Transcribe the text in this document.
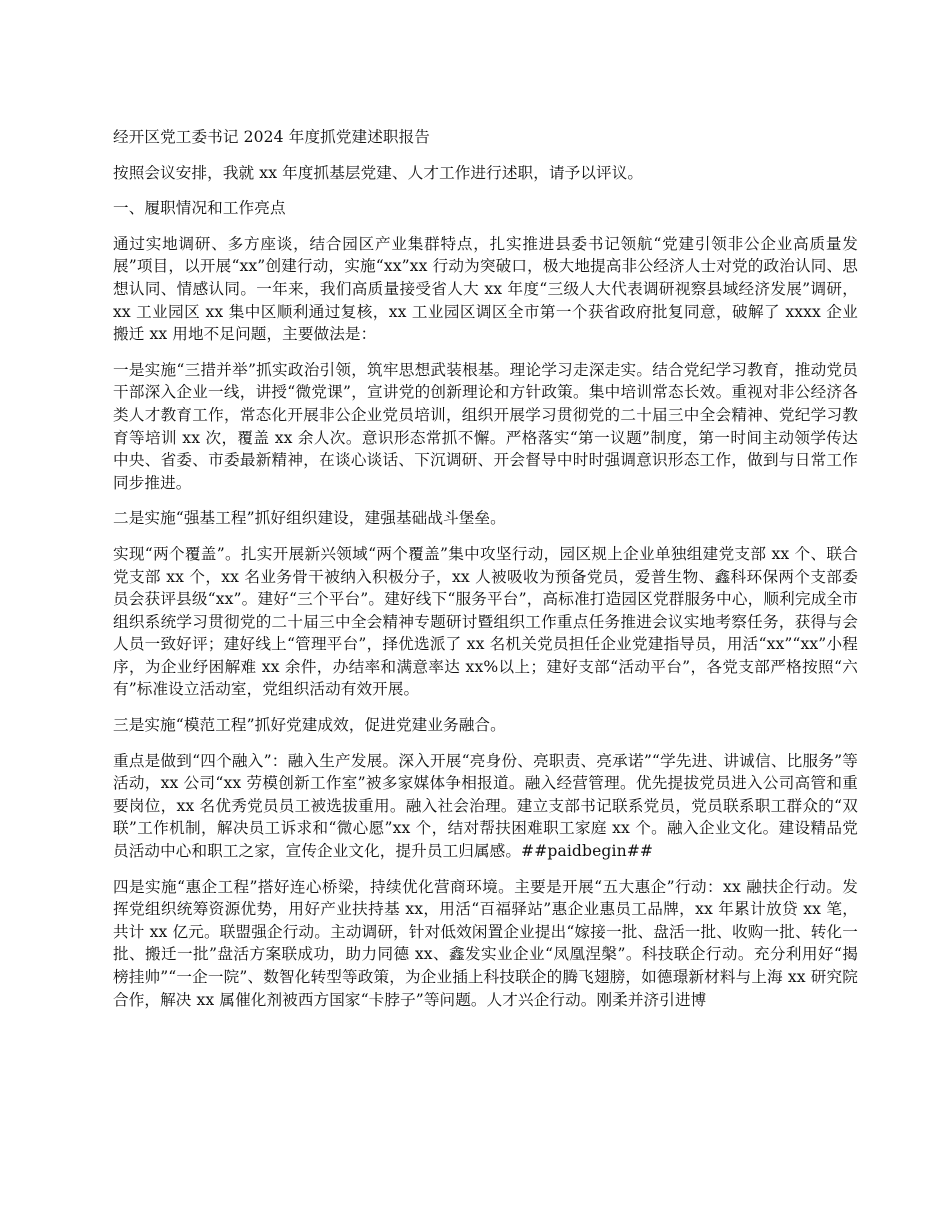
经开区党工委书记 2024 年度抓党建述职报告

按照会议安排，我就 xx 年度抓基层党建、人才工作进行述职，请予以评议。

一、履职情况和工作亮点

通过实地调研、多方座谈，结合园区产业集群特点，扎实推进县委书记领航“党建引领非公企业高质量发展”项目，以开展“xx”创建行动，实施“xx”xx 行动为突破口，极大地提高非公经济人士对党的政治认同、思想认同、情感认同。一年来，我们高质量接受省人大 xx 年度“三级人大代表调研视察县域经济发展”调研，xx 工业园区 xx 集中区顺利通过复核，xx 工业园区调区全市第一个获省政府批复同意，破解了 xxxx 企业搬迁 xx 用地不足问题，主要做法是：

一是实施“三措并举”抓实政治引领，筑牢思想武装根基。理论学习走深走实。结合党纪学习教育，推动党员干部深入企业一线，讲授“微党课”，宣讲党的创新理论和方针政策。集中培训常态长效。重视对非公经济各类人才教育工作，常态化开展非公企业党员培训，组织开展学习贯彻党的二十届三中全会精神、党纪学习教育等培训 xx 次，覆盖 xx 余人次。意识形态常抓不懈。严格落实“第一议题”制度，第一时间主动领学传达中央、省委、市委最新精神，在谈心谈话、下沉调研、开会督导中时时强调意识形态工作，做到与日常工作同步推进。

二是实施“强基工程”抓好组织建设，建强基础战斗堡垒。

实现“两个覆盖”。扎实开展新兴领域“两个覆盖”集中攻坚行动，园区规上企业单独组建党支部 xx 个、联合党支部 xx 个，xx 名业务骨干被纳入积极分子，xx 人被吸收为预备党员，爱普生物、鑫科环保两个支部委员会获评县级“xx”。建好“三个平台”。建好线下“服务平台”，高标准打造园区党群服务中心，顺利完成全市组织系统学习贯彻党的二十届三中全会精神专题研讨暨组织工作重点任务推进会议实地考察任务，获得与会人员一致好评；建好线上“管理平台”，择优选派了 xx 名机关党员担任企业党建指导员，用活“xx”“xx”小程序，为企业纾困解难 xx 余件，办结率和满意率达 xx%以上；建好支部“活动平台”，各党支部严格按照“六有”标准设立活动室，党组织活动有效开展。

三是实施“模范工程”抓好党建成效，促进党建业务融合。

重点是做到“四个融入”：融入生产发展。深入开展“亮身份、亮职责、亮承诺”“学先进、讲诚信、比服务”等活动，xx 公司“xx 劳模创新工作室”被多家媒体争相报道。融入经营管理。优先提拔党员进入公司高管和重要岗位，xx 名优秀党员员工被选拔重用。融入社会治理。建立支部书记联系党员，党员联系职工群众的“双联”工作机制，解决员工诉求和“微心愿”xx 个，结对帮扶困难职工家庭 xx 个。融入企业文化。建设精品党员活动中心和职工之家，宣传企业文化，提升员工归属感。##paidbegin##

四是实施“惠企工程”搭好连心桥梁，持续优化营商环境。主要是开展“五大惠企”行动：xx 融扶企行动。发挥党组织统筹资源优势，用好产业扶持基 xx，用活“百福驿站”惠企业惠员工品牌，xx 年累计放贷 xx 笔，共计 xx 亿元。联盟强企行动。主动调研，针对低效闲置企业提出“嫁接一批、盘活一批、收购一批、转化一批、搬迁一批”盘活方案联成功，助力同德 xx、鑫发实业企业“凤凰涅槃”。科技联企行动。充分利用好“揭榜挂帅”“一企一院”、数智化转型等政策，为企业插上科技联企的腾飞翅膀，如德璟新材料与上海 xx 研究院合作，解决 xx 属催化剂被西方国家“卡脖子”等问题。人才兴企行动。刚柔并济引进博
